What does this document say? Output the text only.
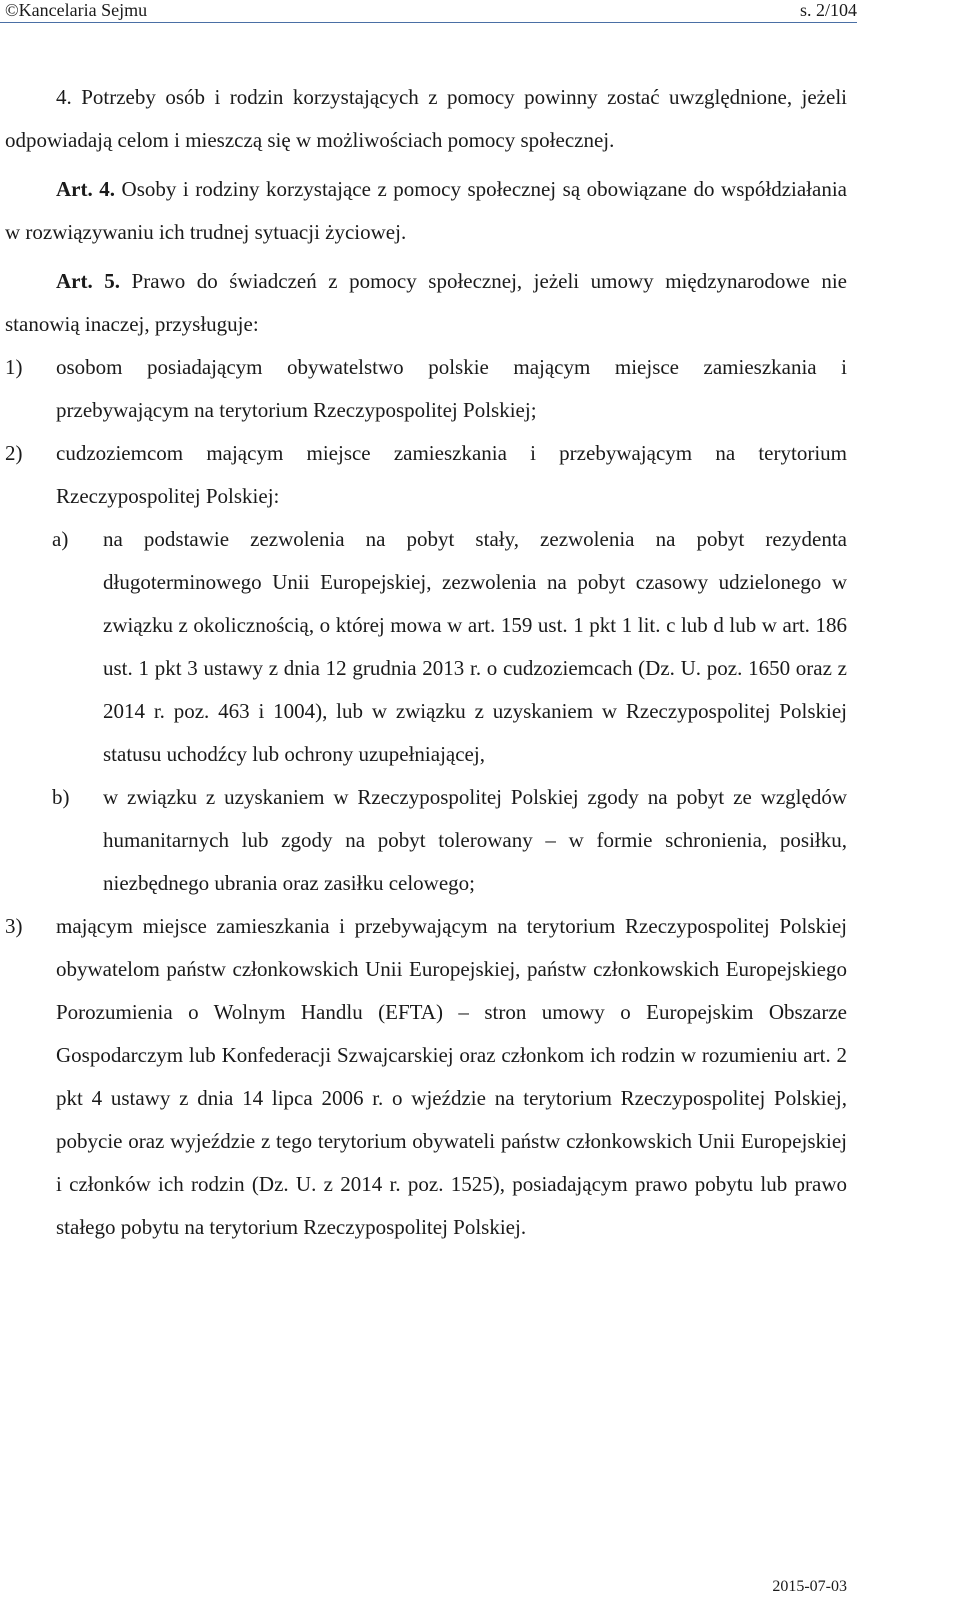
©Kancelaria Sejmu	s. 2/104

4. Potrzeby osób i rodzin korzystających z pomocy powinny zostać uwzględnione, jeżeli odpowiadają celom i mieszczą się w możliwościach pomocy społecznej.

Art. 4. Osoby i rodziny korzystające z pomocy społecznej są obowiązane do współdziałania w rozwiązywaniu ich trudnej sytuacji życiowej.

Art. 5. Prawo do świadczeń z pomocy społecznej, jeżeli umowy międzynarodowe nie stanowią inaczej, przysługuje:

1)	osobom posiadającym obywatelstwo polskie mającym miejsce zamieszkania i przebywającym na terytorium Rzeczypospolitej Polskiej;
2)	cudzoziemcom mającym miejsce zamieszkania i przebywającym na terytorium Rzeczypospolitej Polskiej:
a)	na podstawie zezwolenia na pobyt stały, zezwolenia na pobyt rezydenta długoterminowego Unii Europejskiej, zezwolenia na pobyt czasowy udzielonego w związku z okolicznością, o której mowa w art. 159 ust. 1 pkt 1 lit. c lub d lub w art. 186 ust. 1 pkt 3 ustawy z dnia 12 grudnia 2013 r. o cudzoziemcach (Dz. U. poz. 1650 oraz z 2014 r. poz. 463 i 1004), lub w związku z uzyskaniem w Rzeczypospolitej Polskiej statusu uchodźcy lub ochrony uzupełniającej,
b)	w związku z uzyskaniem w Rzeczypospolitej Polskiej zgody na pobyt ze względów humanitarnych lub zgody na pobyt tolerowany – w formie schronienia, posiłku, niezbędnego ubrania oraz zasiłku celowego;
3)	mającym miejsce zamieszkania i przebywającym na terytorium Rzeczypospolitej Polskiej obywatelom państw członkowskich Unii Europejskiej, państw członkowskich Europejskiego Porozumienia o Wolnym Handlu (EFTA) – stron umowy o Europejskim Obszarze Gospodarczym lub Konfederacji Szwajcarskiej oraz członkom ich rodzin w rozumieniu art. 2 pkt 4 ustawy z dnia 14 lipca 2006 r. o wjeździe na terytorium Rzeczypospolitej Polskiej, pobycie oraz wyjeździe z tego terytorium obywateli państw członkowskich Unii Europejskiej i członków ich rodzin (Dz. U. z 2014 r. poz. 1525), posiadającym prawo pobytu lub prawo stałego pobytu na terytorium Rzeczypospolitej Polskiej.
2015-07-03
